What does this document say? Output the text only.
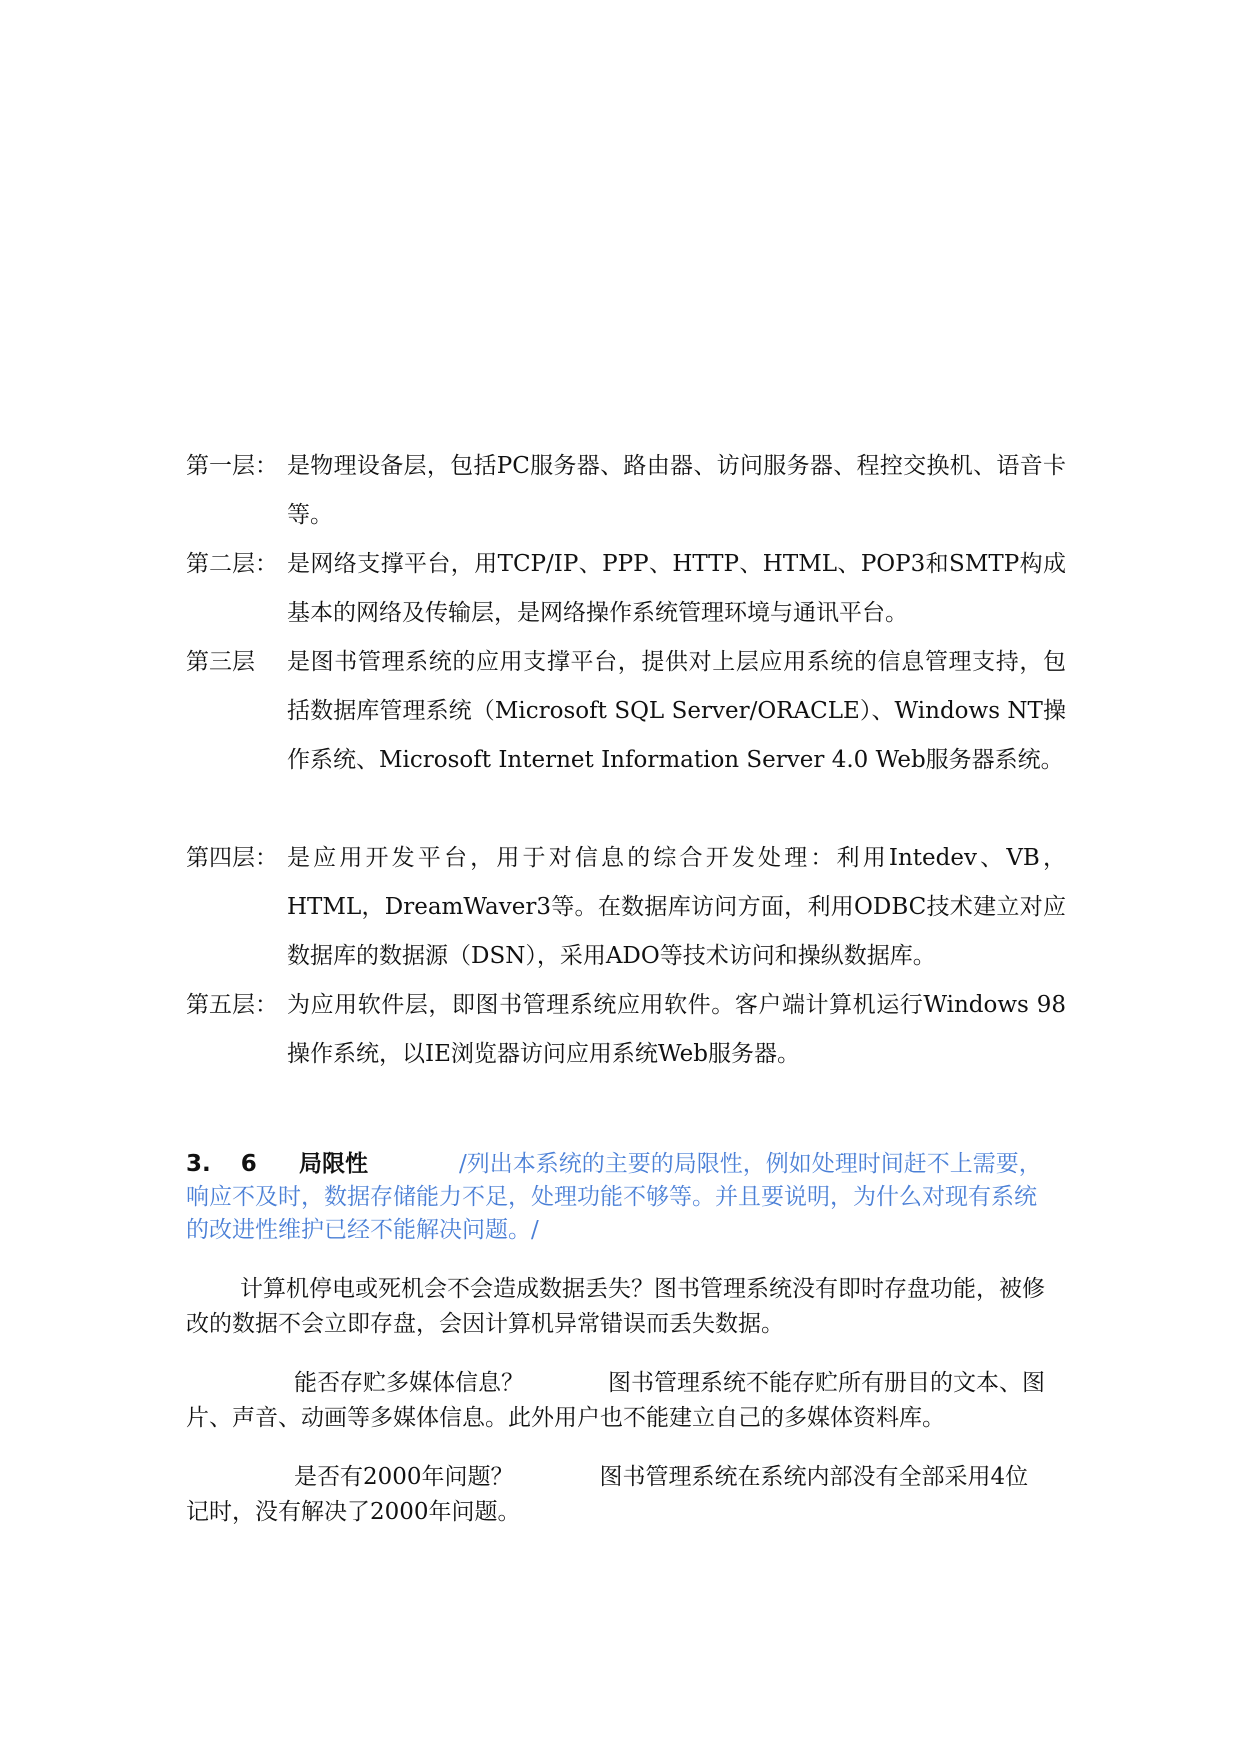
第一层： 是物理设备层，包括PC服务器、路由器、访问服务器、程控交换机、语音卡等。
第二层： 是网络支撑平台，用TCP/IP、PPP、HTTP、HTML、POP3和SMTP构成基本的网络及传输层，是网络操作系统管理环境与通讯平台。
第三层	是图书管理系统的应用支撑平台，提供对上层应用系统的信息管理支持，包括数据库管理系统（Microsoft SQL Server/ORACLE）、Windows NT操作系统、Microsoft Internet Information Server 4.0 Web服务器系统。
第四层： 是应用开发平台，用于对信息的综合开发处理：利用Intedev、VB，HTML，DreamWaver3等。在数据库访问方面，利用ODBC技术建立对应数据库的数据源（DSN），采用ADO等技术访问和操纵数据库。
第五层： 为应用软件层，即图书管理系统应用软件。客户端计算机运行Windows 98操作系统，以IE浏览器访问应用系统Web服务器。
3. 6 局限性	/列出本系统的主要的局限性，例如处理时间赶不上需要，响应不及时，数据存储能力不足，处理功能不够等。并且要说明，为什么对现有系统的改进性维护已经不能解决问题。/
计算机停电或死机会不会造成数据丢失？图书管理系统没有即时存盘功能，被修改的数据不会立即存盘，会因计算机异常错误而丢失数据。
能否存贮多媒体信息？	图书管理系统不能存贮所有册目的文本、图片、声音、动画等多媒体信息。此外用户也不能建立自己的多媒体资料库。
是否有2000年问题？	图书管理系统在系统内部没有全部采用4位记时，没有解决了2000年问题。
